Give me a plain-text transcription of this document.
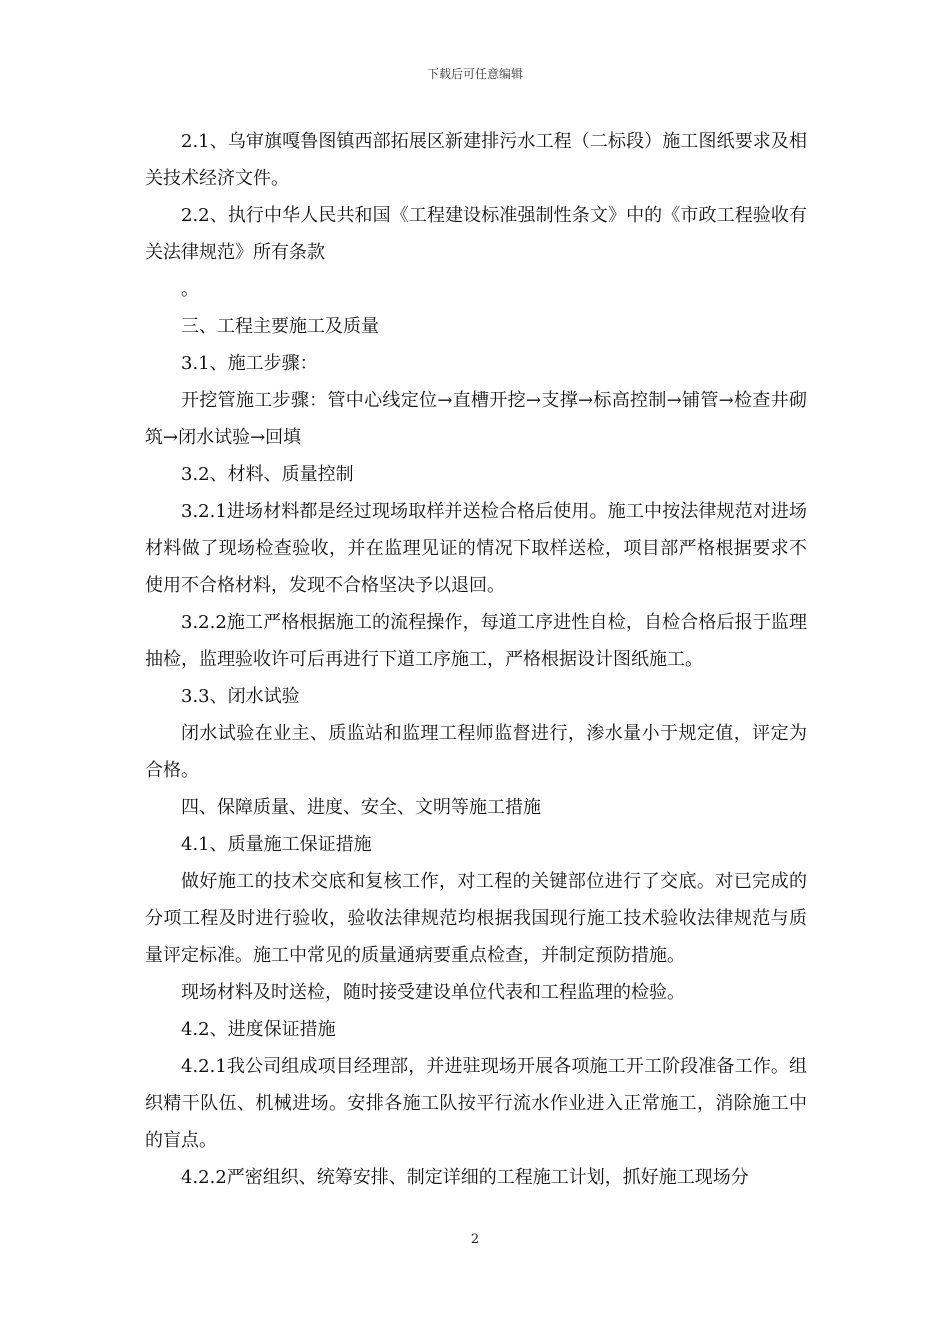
下载后可任意编辑

2.1、乌审旗嘎鲁图镇西部拓展区新建排污水工程（二标段）施工图纸要求及相关技术经济文件。

2.2、执行中华人民共和国《工程建设标准强制性条文》中的《市政工程验收有关法律规范》所有条款

。

三、工程主要施工及质量

3.1、施工步骤：

开挖管施工步骤：管中心线定位→直槽开挖→支撑→标高控制→铺管→检查井砌筑→闭水试验→回填

3.2、材料、质量控制

3.2.1进场材料都是经过现场取样并送检合格后使用。施工中按法律规范对进场材料做了现场检查验收，并在监理见证的情况下取样送检，项目部严格根据要求不使用不合格材料，发现不合格坚决予以退回。

3.2.2施工严格根据施工的流程操作，每道工序进性自检，自检合格后报于监理抽检，监理验收许可后再进行下道工序施工，严格根据设计图纸施工。

3.3、闭水试验

闭水试验在业主、质监站和监理工程师监督进行，渗水量小于规定值，评定为合格。

四、保障质量、进度、安全、文明等施工措施

4.1、质量施工保证措施

做好施工的技术交底和复核工作，对工程的关键部位进行了交底。对已完成的分项工程及时进行验收，验收法律规范均根据我国现行施工技术验收法律规范与质量评定标准。施工中常见的质量通病要重点检查，并制定预防措施。

现场材料及时送检，随时接受建设单位代表和工程监理的检验。

4.2、进度保证措施

4.2.1我公司组成项目经理部，并进驻现场开展各项施工开工阶段准备工作。组织精干队伍、机械进场。安排各施工队按平行流水作业进入正常施工，消除施工中的盲点。

4.2.2严密组织、统筹安排、制定详细的工程施工计划，抓好施工现场分

2
